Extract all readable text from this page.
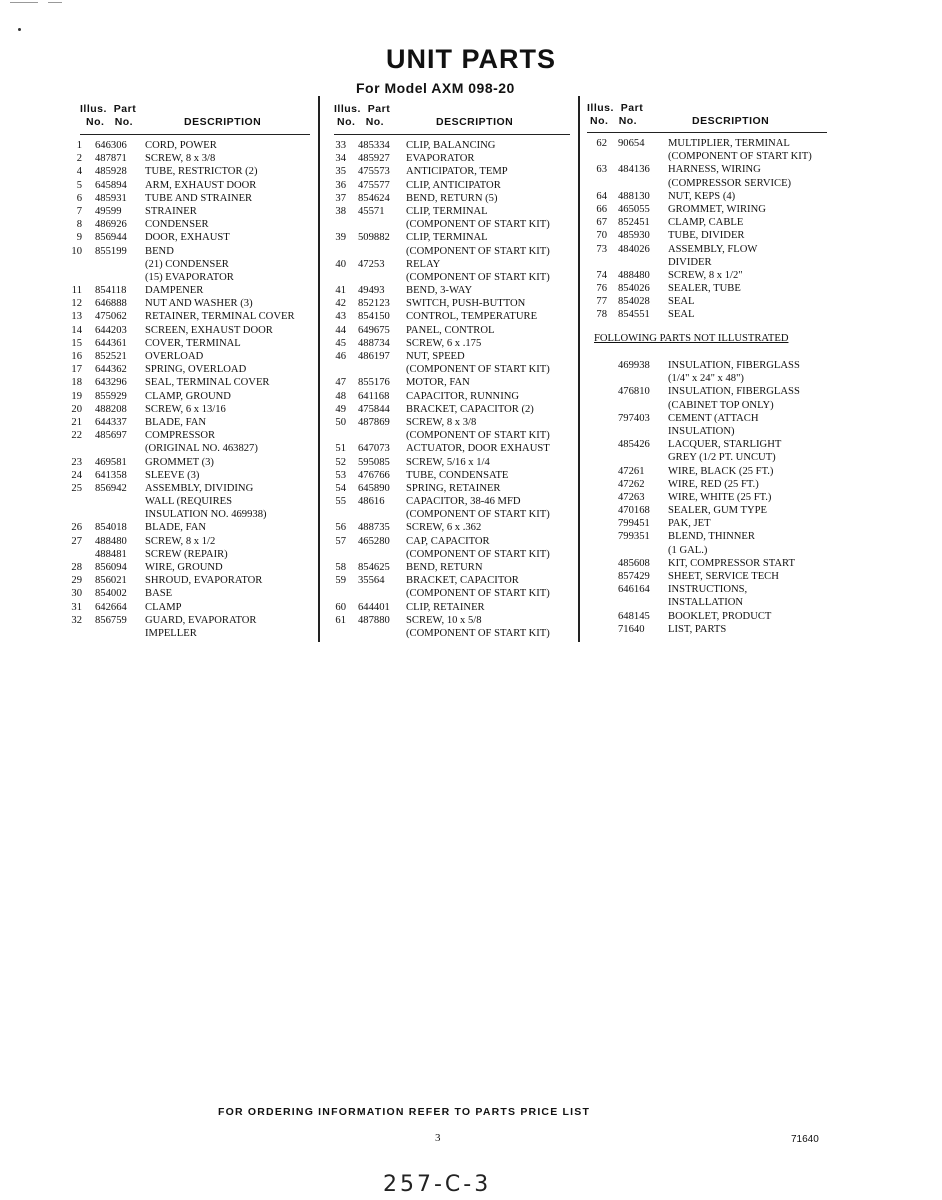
UNIT PARTS
For Model AXM 098-20
Illus. Part
No. No.	DESCRIPTION
Illus. Part
No. No.	DESCRIPTION
Illus. Part
No. No.	DESCRIPTION
1 646306 CORD, POWER
2 487871 SCREW, 8 x 3/8
4 485928 TUBE, RESTRICTOR (2)
5 645894 ARM, EXHAUST DOOR
6 485931 TUBE AND STRAINER
7 49599 STRAINER
8 486926 CONDENSER
9 856944 DOOR, EXHAUST
10 855199 BEND
(21) CONDENSER
(15) EVAPORATOR
11 854118 DAMPENER
12 646888 NUT AND WASHER (3)
13 475062 RETAINER, TERMINAL COVER
14 644203 SCREEN, EXHAUST DOOR
15 644361 COVER, TERMINAL
16 852521 OVERLOAD
17 644362 SPRING, OVERLOAD
18 643296 SEAL, TERMINAL COVER
19 855929 CLAMP, GROUND
20 488208 SCREW, 6 x 13/16
21 644337 BLADE, FAN
22 485697 COMPRESSOR
(ORIGINAL NO. 463827)
23 469581 GROMMET (3)
24 641358 SLEEVE (3)
25 856942 ASSEMBLY, DIVIDING
WALL (REQUIRES
INSULATION NO. 469938)
26 854018 BLADE, FAN
27 488480 SCREW, 8 x 1/2
488481 SCREW (REPAIR)
28 856094 WIRE, GROUND
29 856021 SHROUD, EVAPORATOR
30 854002 BASE
31 642664 CLAMP
32 856759 GUARD, EVAPORATOR
IMPELLER
33 485334 CLIP, BALANCING
34 485927 EVAPORATOR
35 475573 ANTICIPATOR, TEMP
36 475577 CLIP, ANTICIPATOR
37 854624 BEND, RETURN (5)
38 45571 CLIP, TERMINAL
(COMPONENT OF START KIT)
39 509882 CLIP, TERMINAL
(COMPONENT OF START KIT)
40 47253 RELAY
(COMPONENT OF START KIT)
41 49493 BEND, 3-WAY
42 852123 SWITCH, PUSH-BUTTON
43 854150 CONTROL, TEMPERATURE
44 649675 PANEL, CONTROL
45 488734 SCREW, 6 x .175
46 486197 NUT, SPEED
(COMPONENT OF START KIT)
47 855176 MOTOR, FAN
48 641168 CAPACITOR, RUNNING
49 475844 BRACKET, CAPACITOR (2)
50 487869 SCREW, 8 x 3/8
(COMPONENT OF START KIT)
51 647073 ACTUATOR, DOOR EXHAUST
52 595085 SCREW, 5/16 x 1/4
53 476766 TUBE, CONDENSATE
54 645890 SPRING, RETAINER
55 48616 CAPACITOR, 38-46 MFD
(COMPONENT OF START KIT)
56 488735 SCREW, 6 x .362
57 465280 CAP, CAPACITOR
(COMPONENT OF START KIT)
58 854625 BEND, RETURN
59 35564 BRACKET, CAPACITOR
(COMPONENT OF START KIT)
60 644401 CLIP, RETAINER
61 487880 SCREW, 10 x 5/8
(COMPONENT OF START KIT)
62 90654 MULTIPLIER, TERMINAL
(COMPONENT OF START KIT)
63 484136 HARNESS, WIRING
(COMPRESSOR SERVICE)
64 488130 NUT, KEPS (4)
66 465055 GROMMET, WIRING
67 852451 CLAMP, CABLE
70 485930 TUBE, DIVIDER
73 484026 ASSEMBLY, FLOW
DIVIDER
74 488480 SCREW, 8 x 1/2"
76 854026 SEALER, TUBE
77 854028 SEAL
78 854551 SEAL
FOLLOWING PARTS NOT ILLUSTRATED
469938 INSULATION, FIBERGLASS
(1/4" x 24" x 48")
476810 INSULATION, FIBERGLASS
(CABINET TOP ONLY)
797403 CEMENT (ATTACH
INSULATION)
485426 LACQUER, STARLIGHT
GREY (1/2 PT. UNCUT)
47261 WIRE, BLACK (25 FT.)
47262 WIRE, RED (25 FT.)
47263 WIRE, WHITE (25 FT.)
470168 SEALER, GUM TYPE
799451 PAK, JET
799351 BLEND, THINNER
(1 GAL.)
485608 KIT, COMPRESSOR START
857429 SHEET, SERVICE TECH
646164 INSTRUCTIONS,
INSTALLATION
648145 BOOKLET, PRODUCT
71640 LIST, PARTS
FOR ORDERING INFORMATION REFER TO PARTS PRICE LIST
3	71640
257-C-3
